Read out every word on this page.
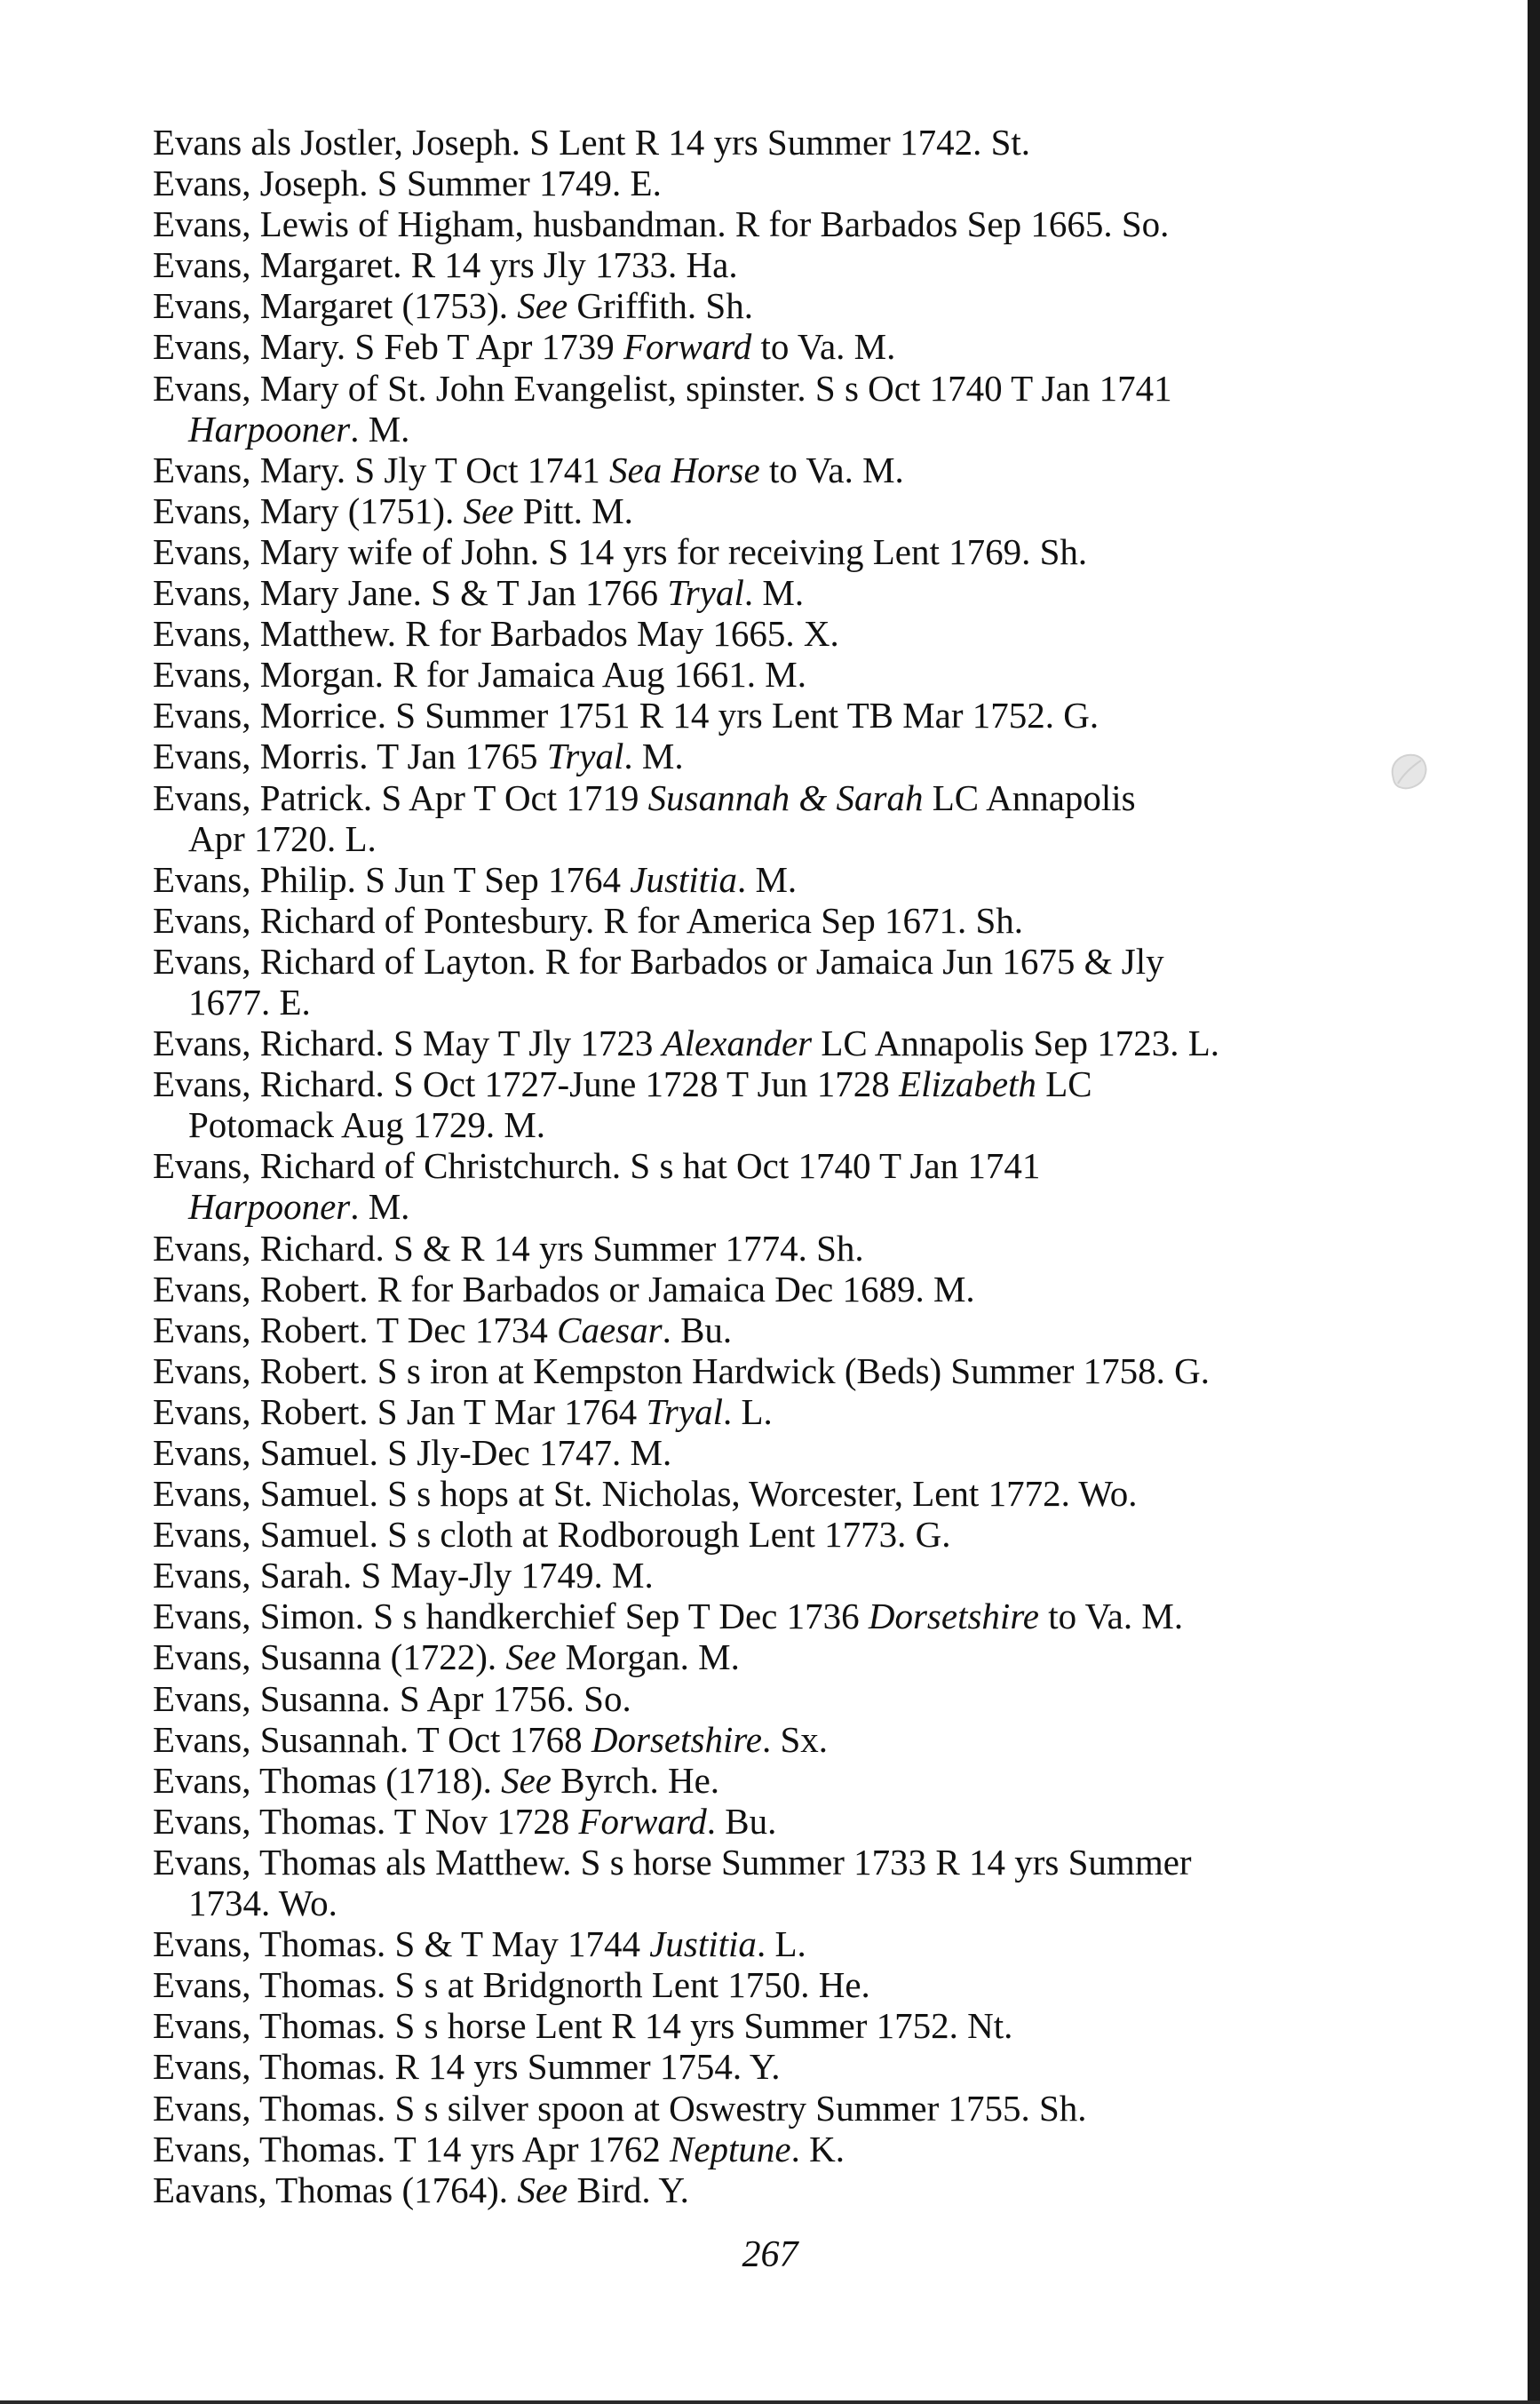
Evans als Jostler, Joseph. S Lent R 14 yrs Summer 1742. St.
Evans, Joseph. S Summer 1749. E.
Evans, Lewis of Higham, husbandman. R for Barbados Sep 1665. So.
Evans, Margaret. R 14 yrs Jly 1733. Ha.
Evans, Margaret (1753). See Griffith. Sh.
Evans, Mary. S Feb T Apr 1739 Forward to Va. M.
Evans, Mary of St. John Evangelist, spinster. S s Oct 1740 T Jan 1741
Harpooner. M.
Evans, Mary. S Jly T Oct 1741 Sea Horse to Va. M.
Evans, Mary (1751). See Pitt. M.
Evans, Mary wife of John. S 14 yrs for receiving Lent 1769. Sh.
Evans, Mary Jane. S & T Jan 1766 Tryal. M.
Evans, Matthew. R for Barbados May 1665. X.
Evans, Morgan. R for Jamaica Aug 1661. M.
Evans, Morrice. S Summer 1751 R 14 yrs Lent TB Mar 1752. G.
Evans, Morris. T Jan 1765 Tryal. M.
Evans, Patrick. S Apr T Oct 1719 Susannah & Sarah LC Annapolis
Apr 1720. L.
Evans, Philip. S Jun T Sep 1764 Justitia. M.
Evans, Richard of Pontesbury. R for America Sep 1671. Sh.
Evans, Richard of Layton. R for Barbados or Jamaica Jun 1675 & Jly
1677. E.
Evans, Richard. S May T Jly 1723 Alexander LC Annapolis Sep 1723. L.
Evans, Richard. S Oct 1727-June 1728 T Jun 1728 Elizabeth LC
Potomack Aug 1729. M.
Evans, Richard of Christchurch. S s hat Oct 1740 T Jan 1741
Harpooner. M.
Evans, Richard. S & R 14 yrs Summer 1774. Sh.
Evans, Robert. R for Barbados or Jamaica Dec 1689. M.
Evans, Robert. T Dec 1734 Caesar. Bu.
Evans, Robert. S s iron at Kempston Hardwick (Beds) Summer 1758. G.
Evans, Robert. S Jan T Mar 1764 Tryal. L.
Evans, Samuel. S Jly-Dec 1747. M.
Evans, Samuel. S s hops at St. Nicholas, Worcester, Lent 1772. Wo.
Evans, Samuel. S s cloth at Rodborough Lent 1773. G.
Evans, Sarah. S May-Jly 1749. M.
Evans, Simon. S s handkerchief Sep T Dec 1736 Dorsetshire to Va. M.
Evans, Susanna (1722). See Morgan. M.
Evans, Susanna. S Apr 1756. So.
Evans, Susannah. T Oct 1768 Dorsetshire. Sx.
Evans, Thomas (1718). See Byrch. He.
Evans, Thomas. T Nov 1728 Forward. Bu.
Evans, Thomas als Matthew. S s horse Summer 1733 R 14 yrs Summer
1734. Wo.
Evans, Thomas. S & T May 1744 Justitia. L.
Evans, Thomas. S s at Bridgnorth Lent 1750. He.
Evans, Thomas. S s horse Lent R 14 yrs Summer 1752. Nt.
Evans, Thomas. R 14 yrs Summer 1754. Y.
Evans, Thomas. S s silver spoon at Oswestry Summer 1755. Sh.
Evans, Thomas. T 14 yrs Apr 1762 Neptune. K.
Eavans, Thomas (1764). See Bird. Y.
267
